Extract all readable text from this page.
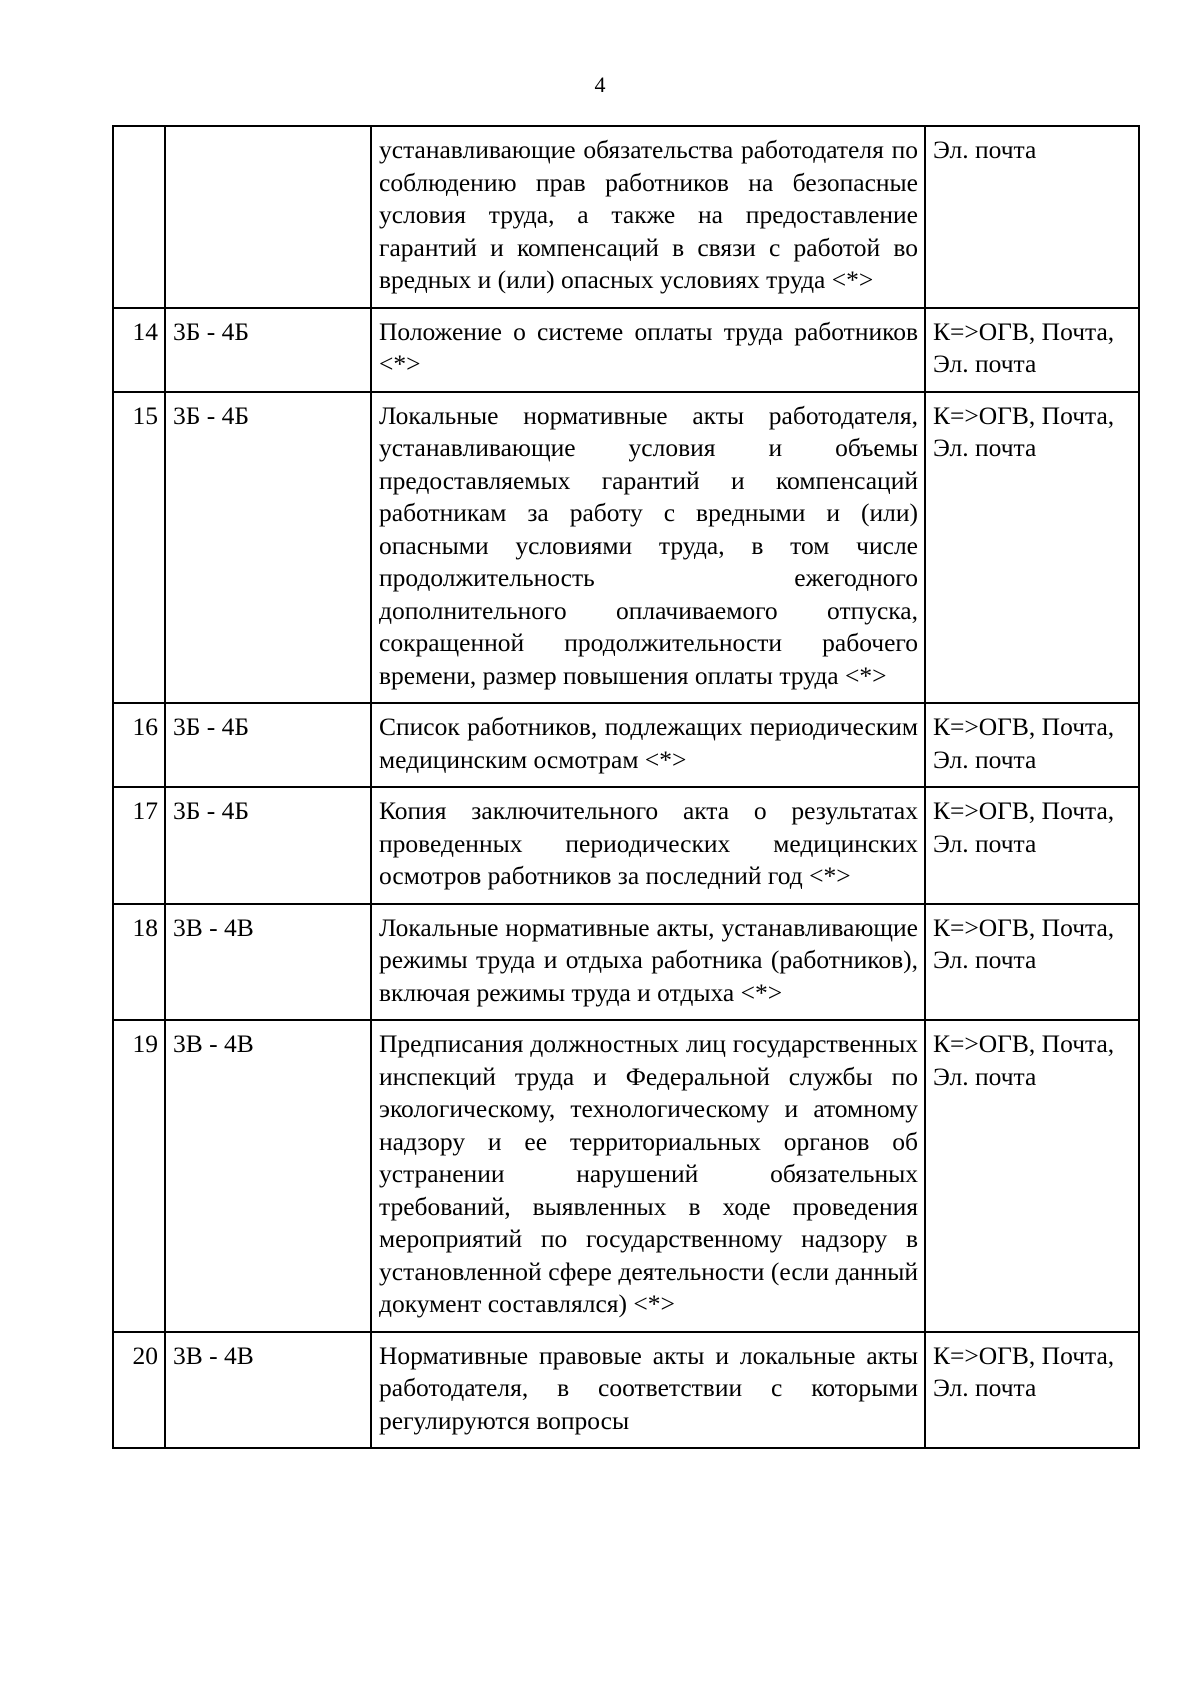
4
		устанавливающие обязательства работодателя по соблюдению прав работников на безопасные условия труда, а также на предоставление гарантий и компенсаций в связи с работой во вредных и (или) опасных условиях труда <*>	Эл. почта
14	3Б - 4Б	Положение о системе оплаты труда работников <*>	К=>ОГВ, Почта, Эл. почта
15	3Б - 4Б	Локальные нормативные акты работодателя, устанавливающие условия и объемы предоставляемых гарантий и компенсаций работникам за работу с вредными и (или) опасными условиями труда, в том числе продолжительность ежегодного дополнительного оплачиваемого отпуска, сокращенной продолжительности рабочего времени, размер повышения оплаты труда <*>	К=>ОГВ, Почта, Эл. почта
16	3Б - 4Б	Список работников, подлежащих периодическим медицинским осмотрам <*>	К=>ОГВ, Почта, Эл. почта
17	3Б - 4Б	Копия заключительного акта о результатах проведенных периодических медицинских осмотров работников за последний год <*>	К=>ОГВ, Почта, Эл. почта
18	3В - 4В	Локальные нормативные акты, устанавливающие режимы труда и отдыха работника (работников), включая режимы труда и отдыха <*>	К=>ОГВ, Почта, Эл. почта
19	3В - 4В	Предписания должностных лиц государственных инспекций труда и Федеральной службы по экологическому, технологическому и атомному надзору и ее территориальных органов об устранении нарушений обязательных требований, выявленных в ходе проведения мероприятий по государственному надзору в установленной сфере деятельности (если данный документ составлялся) <*>	К=>ОГВ, Почта, Эл. почта
20	3В - 4В	Нормативные правовые акты и локальные акты работодателя, в соответствии с которыми регулируются вопросы	К=>ОГВ, Почта, Эл. почта
